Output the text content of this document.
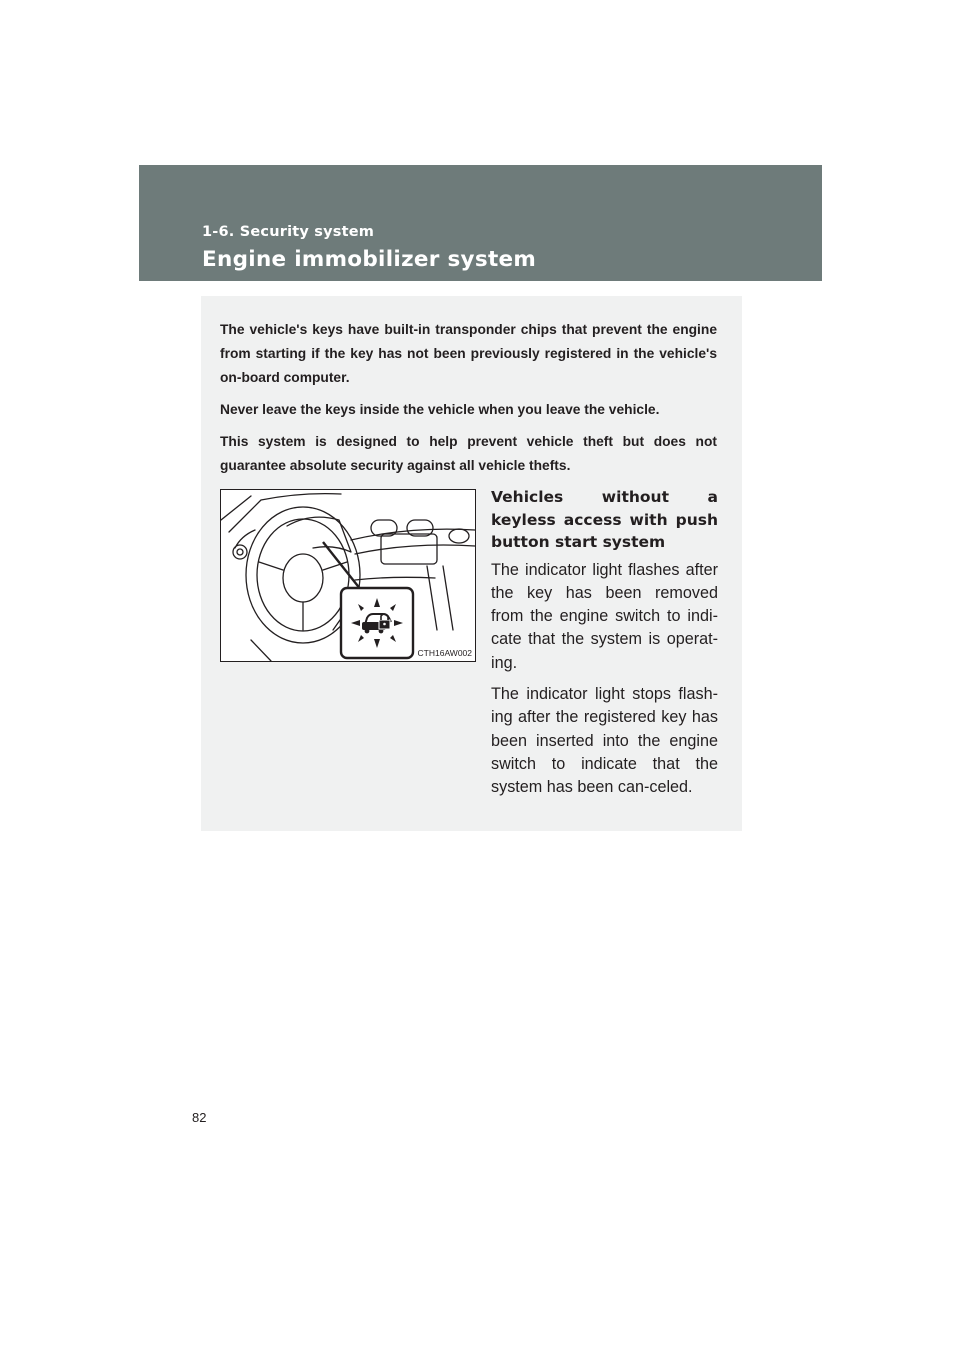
1-6. Security system
Engine immobilizer system

The vehicle's keys have built-in transponder chips that prevent the engine from starting if the key has not been previously registered in the vehicle's on-board computer.

Never leave the keys inside the vehicle when you leave the vehicle.

This system is designed to help prevent vehicle theft but does not guarantee absolute security against all vehicle thefts.

CTH16AW002
Vehicles without a keyless access with push button start system

The indicator light flashes after the key has been removed from the engine switch to indi-cate that the system is operat-ing.

The indicator light stops flash-ing after the registered key has been inserted into the engine switch to indicate that the system has been can-celed.

82
